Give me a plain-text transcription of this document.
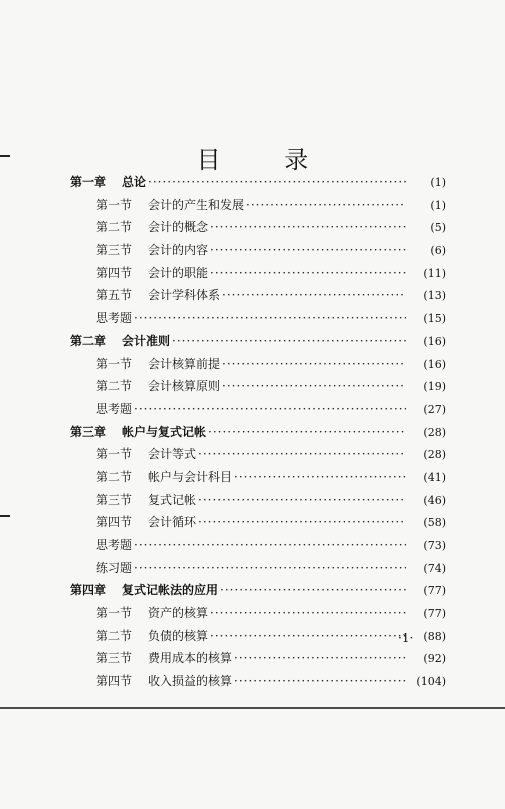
目 录
第一章	总论 ·····	(1)
第一节	会计的产生和发展 ·····	(1)
第二节	会计的概念 ·····	(5)
第三节	会计的内容 ·····	(6)
第四节	会计的职能 ·····	(11)
第五节	会计学科体系 ·····	(13)
思考题 ·····	(15)
第二章	会计准则 ·····	(16)
第一节	会计核算前提 ·····	(16)
第二节	会计核算原则 ·····	(19)
思考题 ·····	(27)
第三章	帐户与复式记帐 ·····	(28)
第一节	会计等式 ·····	(28)
第二节	帐户与会计科目 ·····	(41)
第三节	复式记帐 ·····	(46)
第四节	会计循环 ·····	(58)
思考题 ·····	(73)
练习题 ·····	(74)
第四章	复式记帐法的应用 ·····	(77)
第一节	资产的核算 ·····	(77)
第二节	负债的核算 ·····	(88)
第三节	费用成本的核算 ·····	(92)
第四节	收入损益的核算 ·····	(104)
·1·
